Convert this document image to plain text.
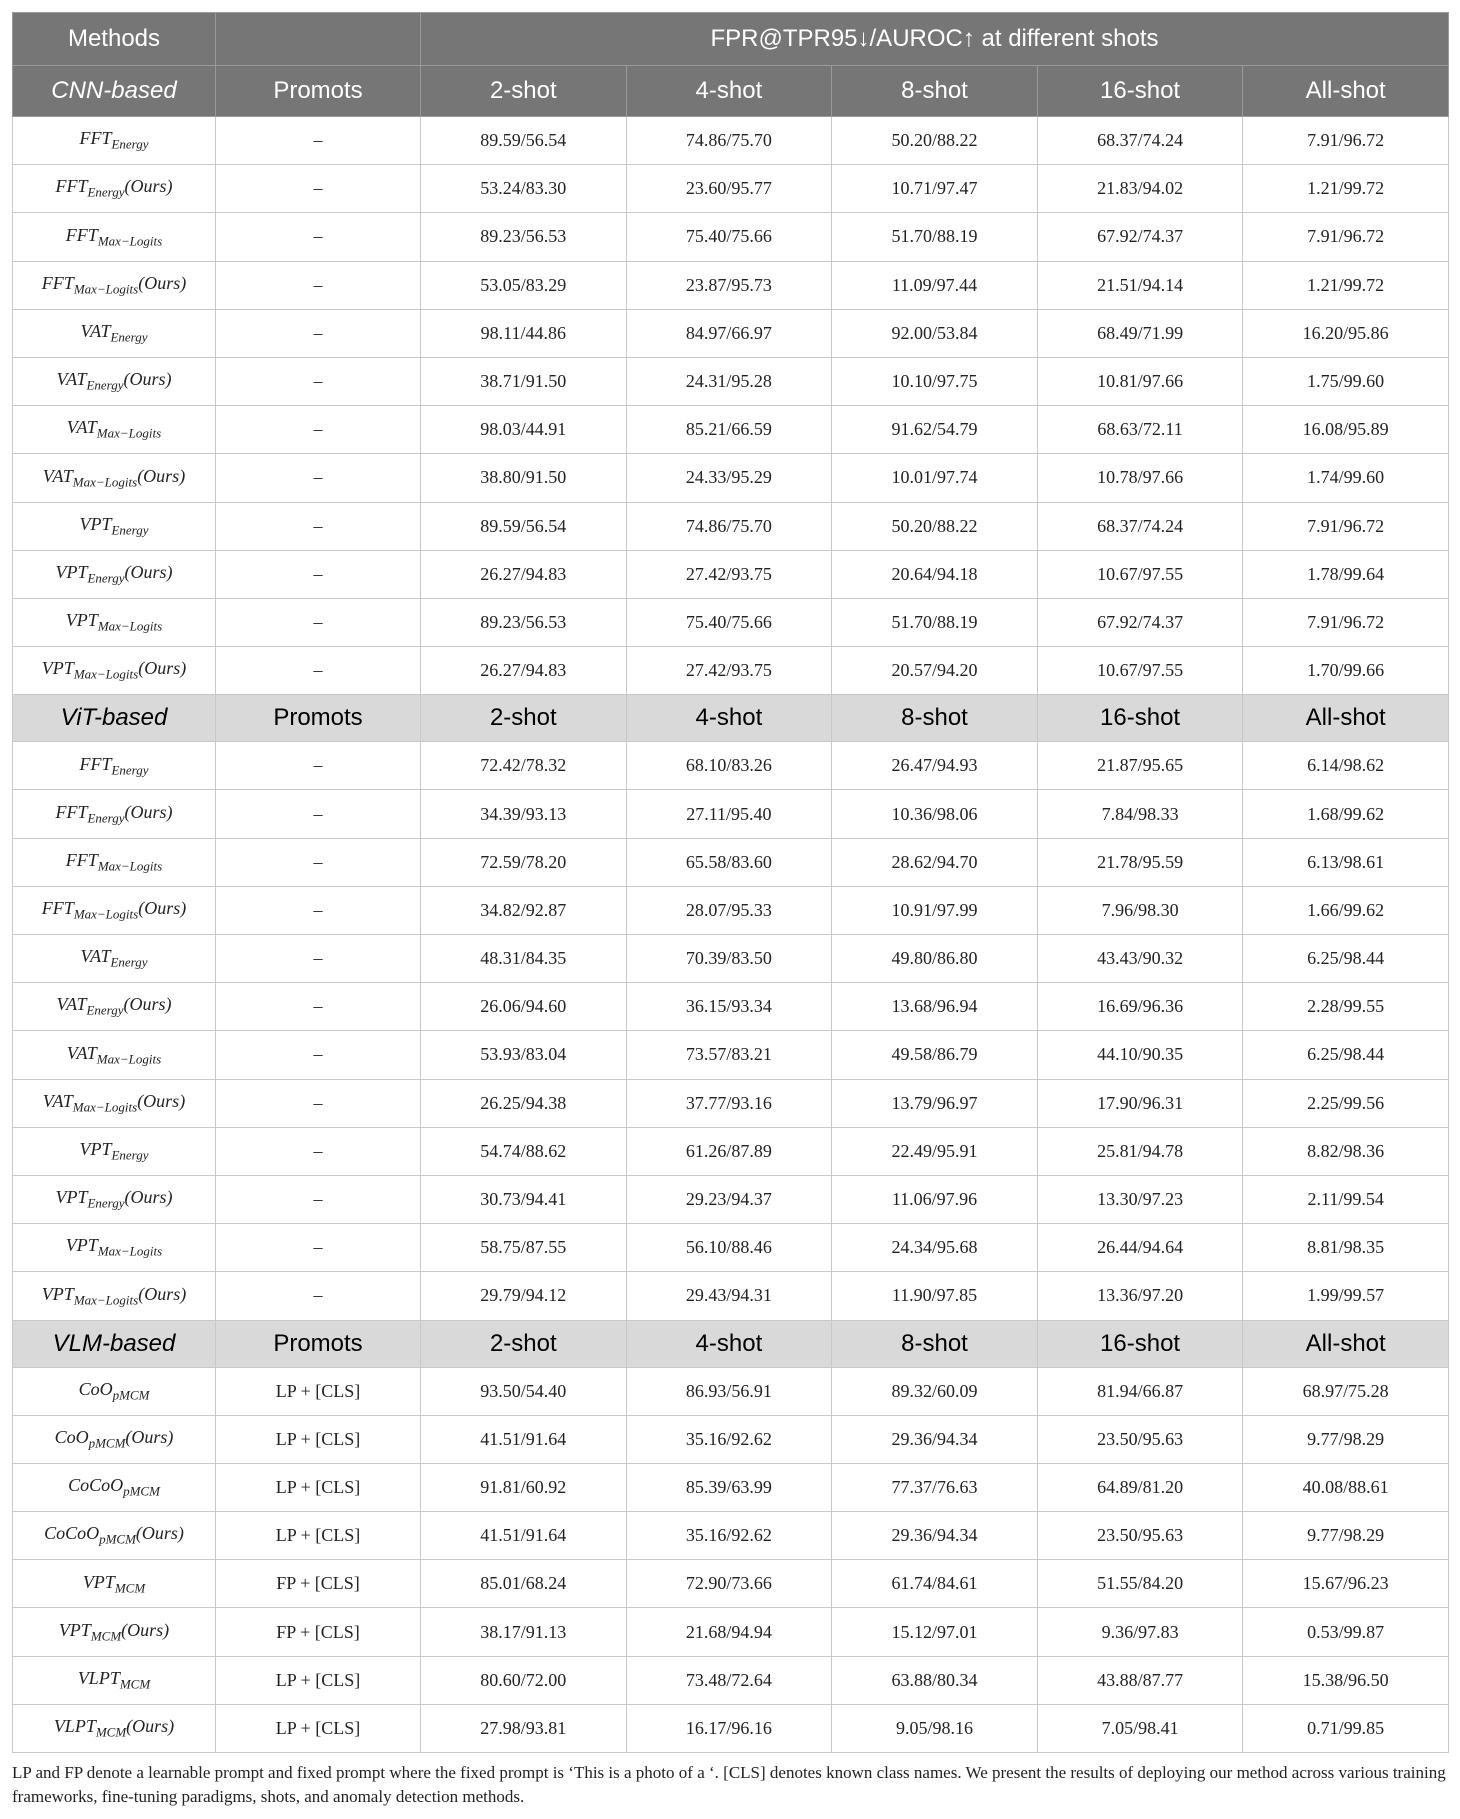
Methods		FPR@TPR95↓/AUROC↑ at different shots				
CNN-based	Promots	2-shot	4-shot	8-shot	16-shot	All-shot
$FFT_{Energy}$	–	89.59/56.54	74.86/75.70	50.20/88.22	68.37/74.24	7.91/96.72
$FFT_{Energy}(Ours)$	–	53.24/83.30	23.60/95.77	10.71/97.47	21.83/94.02	1.21/99.72
$FFT_{Max-Logits}$	–	89.23/56.53	75.40/75.66	51.70/88.19	67.92/74.37	7.91/96.72
$FFT_{Max-Logits}(Ours)$	–	53.05/83.29	23.87/95.73	11.09/97.44	21.51/94.14	1.21/99.72
$VAT_{Energy}$	–	98.11/44.86	84.97/66.97	92.00/53.84	68.49/71.99	16.20/95.86
$VAT_{Energy}(Ours)$	–	38.71/91.50	24.31/95.28	10.10/97.75	10.81/97.66	1.75/99.60
$VAT_{Max-Logits}$	–	98.03/44.91	85.21/66.59	91.62/54.79	68.63/72.11	16.08/95.89
$VAT_{Max-Logits}(Ours)$	–	38.80/91.50	24.33/95.29	10.01/97.74	10.78/97.66	1.74/99.60
$VPT_{Energy}$	–	89.59/56.54	74.86/75.70	50.20/88.22	68.37/74.24	7.91/96.72
$VPT_{Energy}(Ours)$	–	26.27/94.83	27.42/93.75	20.64/94.18	10.67/97.55	1.78/99.64
$VPT_{Max-Logits}$	–	89.23/56.53	75.40/75.66	51.70/88.19	67.92/74.37	7.91/96.72
$VPT_{Max-Logits}(Ours)$	–	26.27/94.83	27.42/93.75	20.57/94.20	10.67/97.55	1.70/99.66
ViT-based	Promots	2-shot	4-shot	8-shot	16-shot	All-shot
$FFT_{Energy}$	–	72.42/78.32	68.10/83.26	26.47/94.93	21.87/95.65	6.14/98.62
$FFT_{Energy}(Ours)$	–	34.39/93.13	27.11/95.40	10.36/98.06	7.84/98.33	1.68/99.62
$FFT_{Max-Logits}$	–	72.59/78.20	65.58/83.60	28.62/94.70	21.78/95.59	6.13/98.61
$FFT_{Max-Logits}(Ours)$	–	34.82/92.87	28.07/95.33	10.91/97.99	7.96/98.30	1.66/99.62
$VAT_{Energy}$	–	48.31/84.35	70.39/83.50	49.80/86.80	43.43/90.32	6.25/98.44
$VAT_{Energy}(Ours)$	–	26.06/94.60	36.15/93.34	13.68/96.94	16.69/96.36	2.28/99.55
$VAT_{Max-Logits}$	–	53.93/83.04	73.57/83.21	49.58/86.79	44.10/90.35	6.25/98.44
$VAT_{Max-Logits}(Ours)$	–	26.25/94.38	37.77/93.16	13.79/96.97	17.90/96.31	2.25/99.56
$VPT_{Energy}$	–	54.74/88.62	61.26/87.89	22.49/95.91	25.81/94.78	8.82/98.36
$VPT_{Energy}(Ours)$	–	30.73/94.41	29.23/94.37	11.06/97.96	13.30/97.23	2.11/99.54
$VPT_{Max-Logits}$	–	58.75/87.55	56.10/88.46	24.34/95.68	26.44/94.64	8.81/98.35
$VPT_{Max-Logits}(Ours)$	–	29.79/94.12	29.43/94.31	11.90/97.85	13.36/97.20	1.99/99.57
VLM-based	Promots	2-shot	4-shot	8-shot	16-shot	All-shot
CoO$_{pMCM}$	LP + [CLS]	93.50/54.40	86.93/56.91	89.32/60.09	81.94/66.87	68.97/75.28
CoO$_{pMCM}$(Ours)	LP + [CLS]	41.51/91.64	35.16/92.62	29.36/94.34	23.50/95.63	9.77/98.29
CoCoO$_{pMCM}$	LP + [CLS]	91.81/60.92	85.39/63.99	77.37/76.63	64.89/81.20	40.08/88.61
CoCoO$_{pMCM}$(Ours)	LP + [CLS]	41.51/91.64	35.16/92.62	29.36/94.34	23.50/95.63	9.77/98.29
$VPT_{MCM}$	FP + [CLS]	85.01/68.24	72.90/73.66	61.74/84.61	51.55/84.20	15.67/96.23
$VPT_{MCM}(Ours)$	FP + [CLS]	38.17/91.13	21.68/94.94	15.12/97.01	9.36/97.83	0.53/99.87
$VLPT_{MCM}$	LP + [CLS]	80.60/72.00	73.48/72.64	63.88/80.34	43.88/87.77	15.38/96.50
$VLPT_{MCM}(Ours)$	LP + [CLS]	27.98/93.81	16.17/96.16	9.05/98.16	7.05/98.41	0.71/99.85
LP and FP denote a learnable prompt and fixed prompt where the fixed prompt is ‘This is a photo of a ‘. [CLS] denotes known class names. We present the results of deploying our method across various training frameworks, fine-tuning paradigms, shots, and anomaly detection methods.
